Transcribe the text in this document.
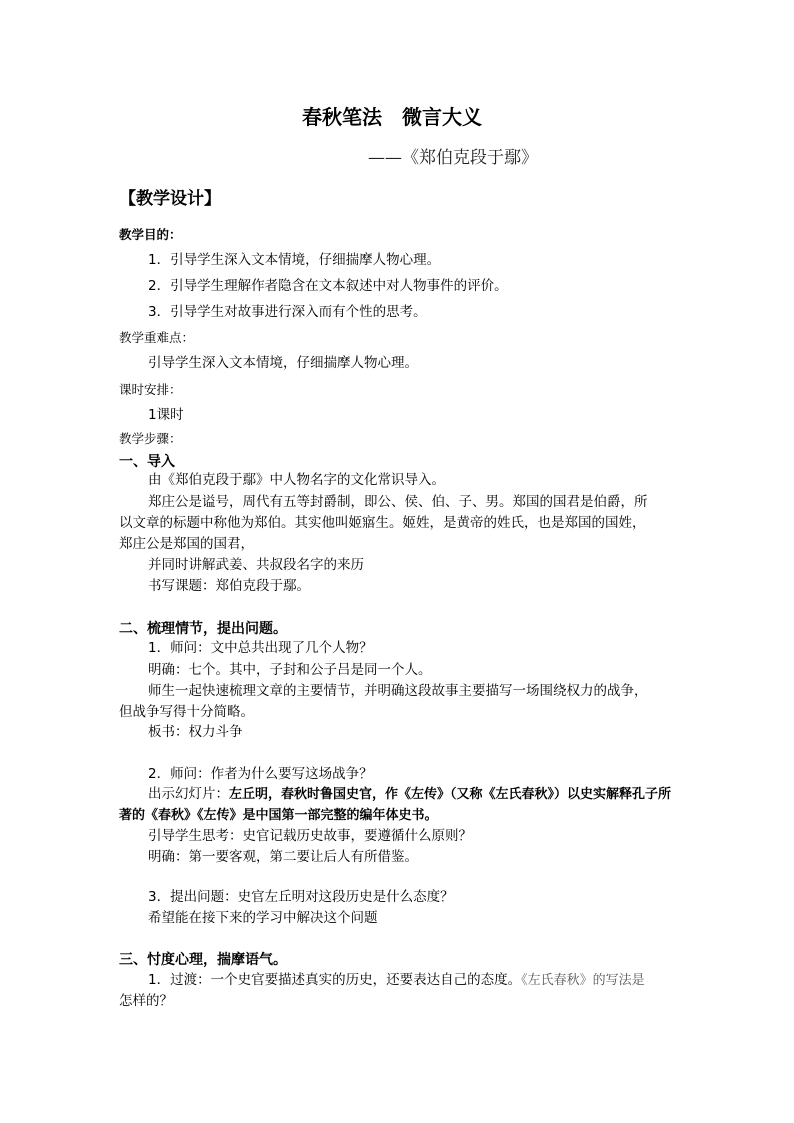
春秋笔法　微言大义
——《郑伯克段于鄢》
【教学设计】
教学目的：
1．引导学生深入文本情境，仔细揣摩人物心理。
2．引导学生理解作者隐含在文本叙述中对人物事件的评价。
3．引导学生对故事进行深入而有个性的思考。
教学重难点：
引导学生深入文本情境，仔细揣摩人物心理。
课时安排：
1课时
教学步骤：
一、导入
由《郑伯克段于鄢》中人物名字的文化常识导入。
郑庄公是谥号，周代有五等封爵制，即公、侯、伯、子、男。郑国的国君是伯爵，所
以文章的标题中称他为郑伯。其实他叫姬寤生。姬姓，是黄帝的姓氏，也是郑国的国姓，
郑庄公是郑国的国君，
并同时讲解武姜、共叔段名字的来历
书写课题：郑伯克段于鄢。
二、梳理情节，提出问题。
1．师问：文中总共出现了几个人物？
明确：七个。其中，子封和公子吕是同一个人。
师生一起快速梳理文章的主要情节，并明确这段故事主要描写一场围绕权力的战争，
但战争写得十分简略。
板书：权力斗争
2．师问：作者为什么要写这场战争？
出示幻灯片：左丘明，春秋时鲁国史官，作《左传》（又称《左氏春秋》）以史实解释孔子所
著的《春秋》《左传》是中国第一部完整的编年体史书。
引导学生思考：史官记载历史故事，要遵循什么原则？
明确：第一要客观，第二要让后人有所借鉴。
3．提出问题：史官左丘明对这段历史是什么态度？
希望能在接下来的学习中解决这个问题
三、忖度心理，揣摩语气。
1．过渡：一个史官要描述真实的历史，还要表达自己的态度。《左氏春秋》的写法是
怎样的？
